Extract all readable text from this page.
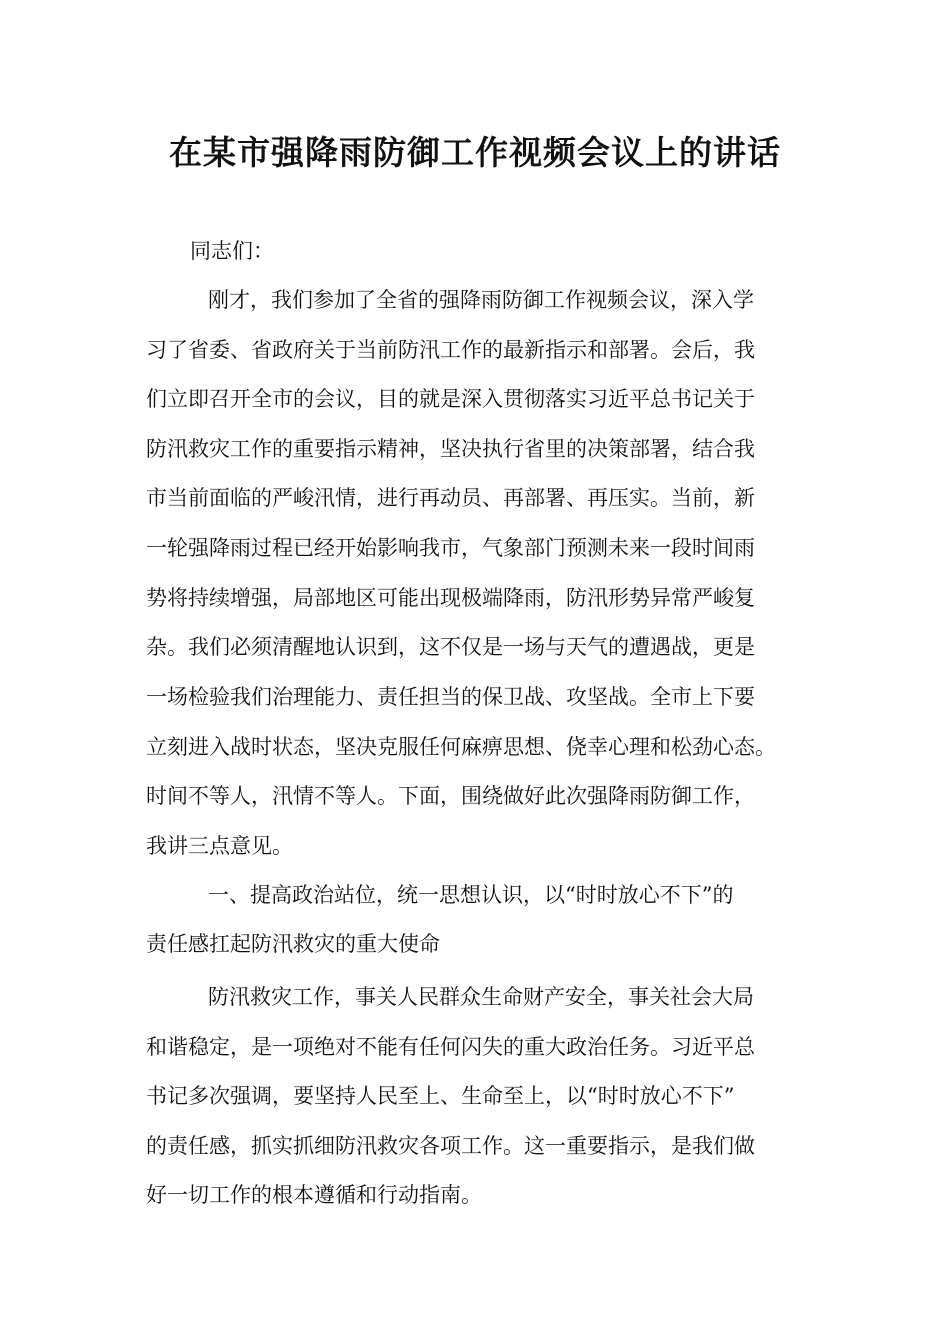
在某市强降雨防御工作视频会议上的讲话

同志们：

刚才，我们参加了全省的强降雨防御工作视频会议，深入学

习了省委、省政府关于当前防汛工作的最新指示和部署。会后，我

们立即召开全市的会议，目的就是深入贯彻落实习近平总书记关于

防汛救灾工作的重要指示精神，坚决执行省里的决策部署，结合我

市当前面临的严峻汛情，进行再动员、再部署、再压实。当前，新

一轮强降雨过程已经开始影响我市，气象部门预测未来一段时间雨

势将持续增强，局部地区可能出现极端降雨，防汛形势异常严峻复

杂。我们必须清醒地认识到，这不仅是一场与天气的遭遇战，更是

一场检验我们治理能力、责任担当的保卫战、攻坚战。全市上下要

立刻进入战时状态，坚决克服任何麻痹思想、侥幸心理和松劲心态。

时间不等人，汛情不等人。下面，围绕做好此次强降雨防御工作，

我讲三点意见。

一、提高政治站位，统一思想认识，以“时时放心不下”的

责任感扛起防汛救灾的重大使命

防汛救灾工作，事关人民群众生命财产安全，事关社会大局

和谐稳定，是一项绝对不能有任何闪失的重大政治任务。习近平总

书记多次强调，要坚持人民至上、生命至上，以“时时放心不下”

的责任感，抓实抓细防汛救灾各项工作。这一重要指示，是我们做

好一切工作的根本遵循和行动指南。
